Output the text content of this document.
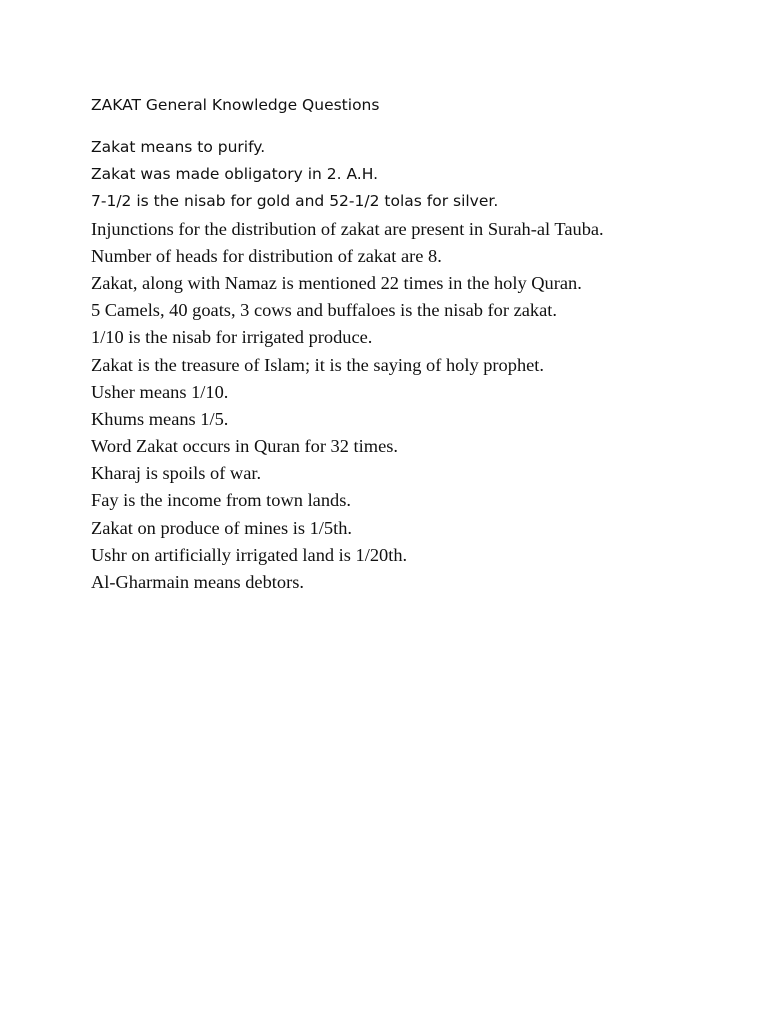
ZAKAT General Knowledge Questions
Zakat means to purify.
Zakat was made obligatory in 2. A.H.
7-1/2 is the nisab for gold and 52-1/2 tolas for silver.
Injunctions for the distribution of zakat are present in Surah-al Tauba.
Number of heads for distribution of zakat are 8.
Zakat, along with Namaz is mentioned 22 times in the holy Quran.
5 Camels, 40 goats, 3 cows and buffaloes is the nisab for zakat.
1/10 is the nisab for irrigated produce.
Zakat is the treasure of Islam; it is the saying of holy prophet.
Usher means 1/10.
Khums means 1/5.
Word Zakat occurs in Quran for 32 times.
Kharaj is spoils of war.
Fay is the income from town lands.
Zakat on produce of mines is 1/5th.
Ushr on artificially irrigated land is 1/20th.
Al-Gharmain means debtors.
